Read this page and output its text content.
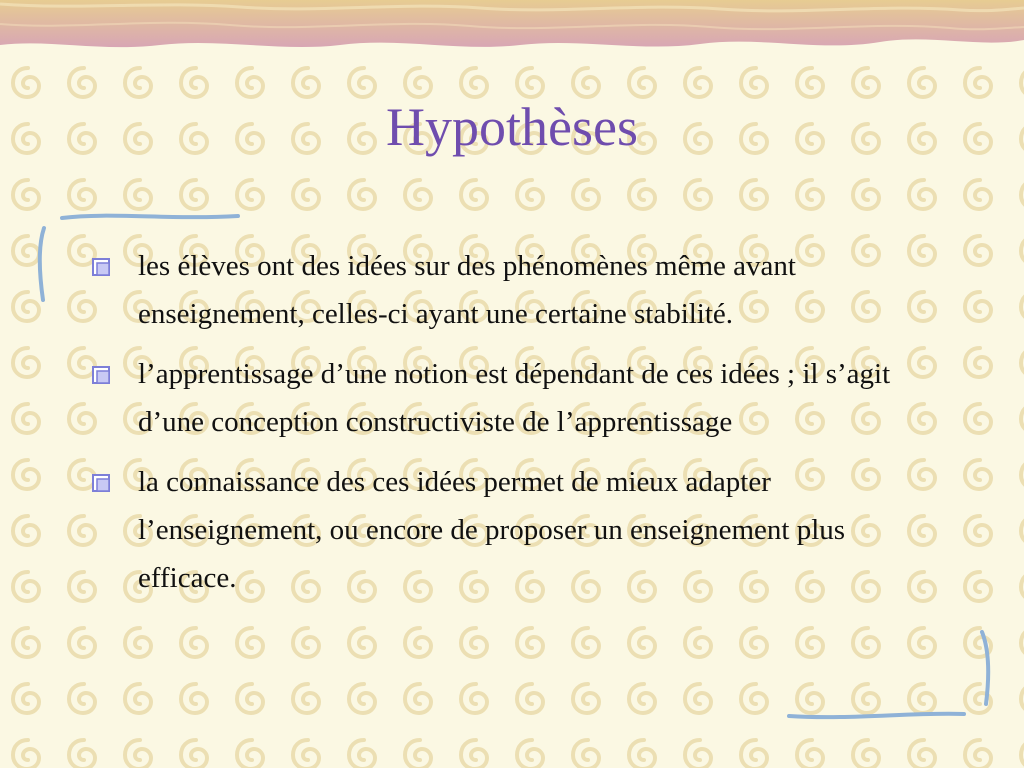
Hypothèses
les élèves ont des idées sur des phénomènes même avant enseignement, celles-ci ayant une certaine stabilité.
l’apprentissage d’une notion est dépendant de ces idées ; il s’agit d’une conception constructiviste de l’apprentissage
la connaissance des ces idées permet de mieux adapter l’enseignement, ou encore de proposer un enseignement plus efficace.
